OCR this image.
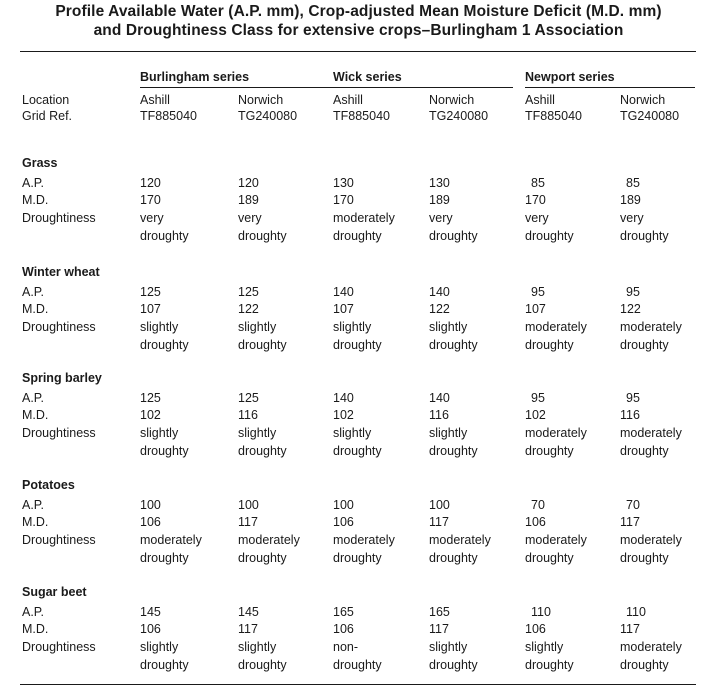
Profile Available Water (A.P. mm), Crop-adjusted Mean Moisture Deficit (M.D. mm)
and Droughtiness Class for extensive crops–Burlingham 1 Association
Burlingham series	Wick series	Newport series
Location
Grid Ref.
Ashill
TF885040
Norwich
TG240080
Ashill
TF885040
Norwich
TG240080
Ashill
TF885040
Norwich
TG240080
Grass
A.P.
M.D.
Droughtiness
120
170
very
droughty
120
189
very
droughty
130
170
moderately
droughty
130
189
very
droughty
85
170
very
droughty
85
189
very
droughty
Winter wheat
A.P.
M.D.
Droughtiness
125
107
slightly
droughty
125
122
slightly
droughty
140
107
slightly
droughty
140
122
slightly
droughty
95
107
moderately
droughty
95
122
moderately
droughty
Spring barley
A.P.
M.D.
Droughtiness
125
102
slightly
droughty
125
116
slightly
droughty
140
102
slightly
droughty
140
116
slightly
droughty
95
102
moderately
droughty
95
116
moderately
droughty
Potatoes
A.P.
M.D.
Droughtiness
100
106
moderately
droughty
100
117
moderately
droughty
100
106
moderately
droughty
100
117
moderately
droughty
70
106
moderately
droughty
70
117
moderately
droughty
Sugar beet
A.P.
M.D.
Droughtiness
145
106
slightly
droughty
145
117
slightly
droughty
165
106
non-
droughty
165
117
slightly
droughty
110
106
slightly
droughty
110
117
moderately
droughty
